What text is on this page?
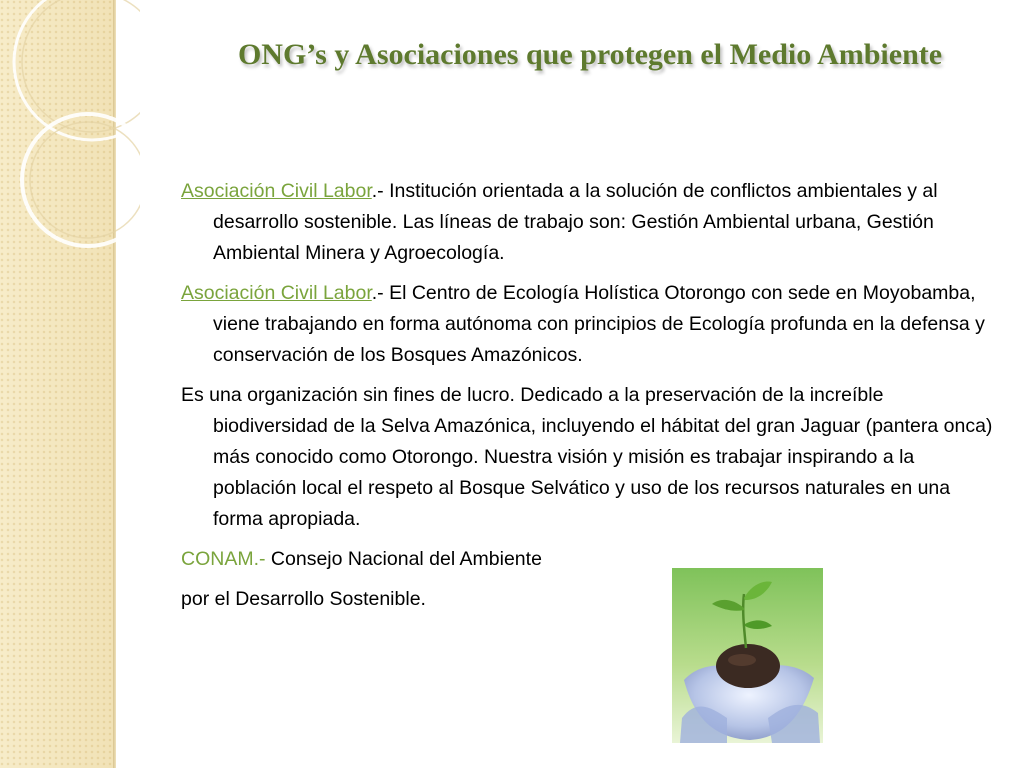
ONG’s y Asociaciones que protegen el Medio Ambiente

Asociación Civil Labor.- Institución orientada a la solución de conflictos ambientales y al desarrollo sostenible. Las líneas de trabajo son: Gestión Ambiental urbana, Gestión Ambiental Minera y Agroecología.

Asociación Civil Labor.- El Centro de Ecología Holística Otorongo con sede en Moyobamba, viene trabajando en forma autónoma con principios de Ecología profunda en la defensa y conservación de los Bosques Amazónicos.

Es una organización sin fines de lucro. Dedicado a la preservación de la increíble biodiversidad de la Selva Amazónica, incluyendo el hábitat del gran Jaguar (pantera onca) más conocido como Otorongo. Nuestra visión y misión es trabajar inspirando a la población local el respeto al Bosque Selvático y uso de los recursos naturales en una forma apropiada.

CONAM.- Consejo Nacional del Ambiente

por el Desarrollo Sostenible.
